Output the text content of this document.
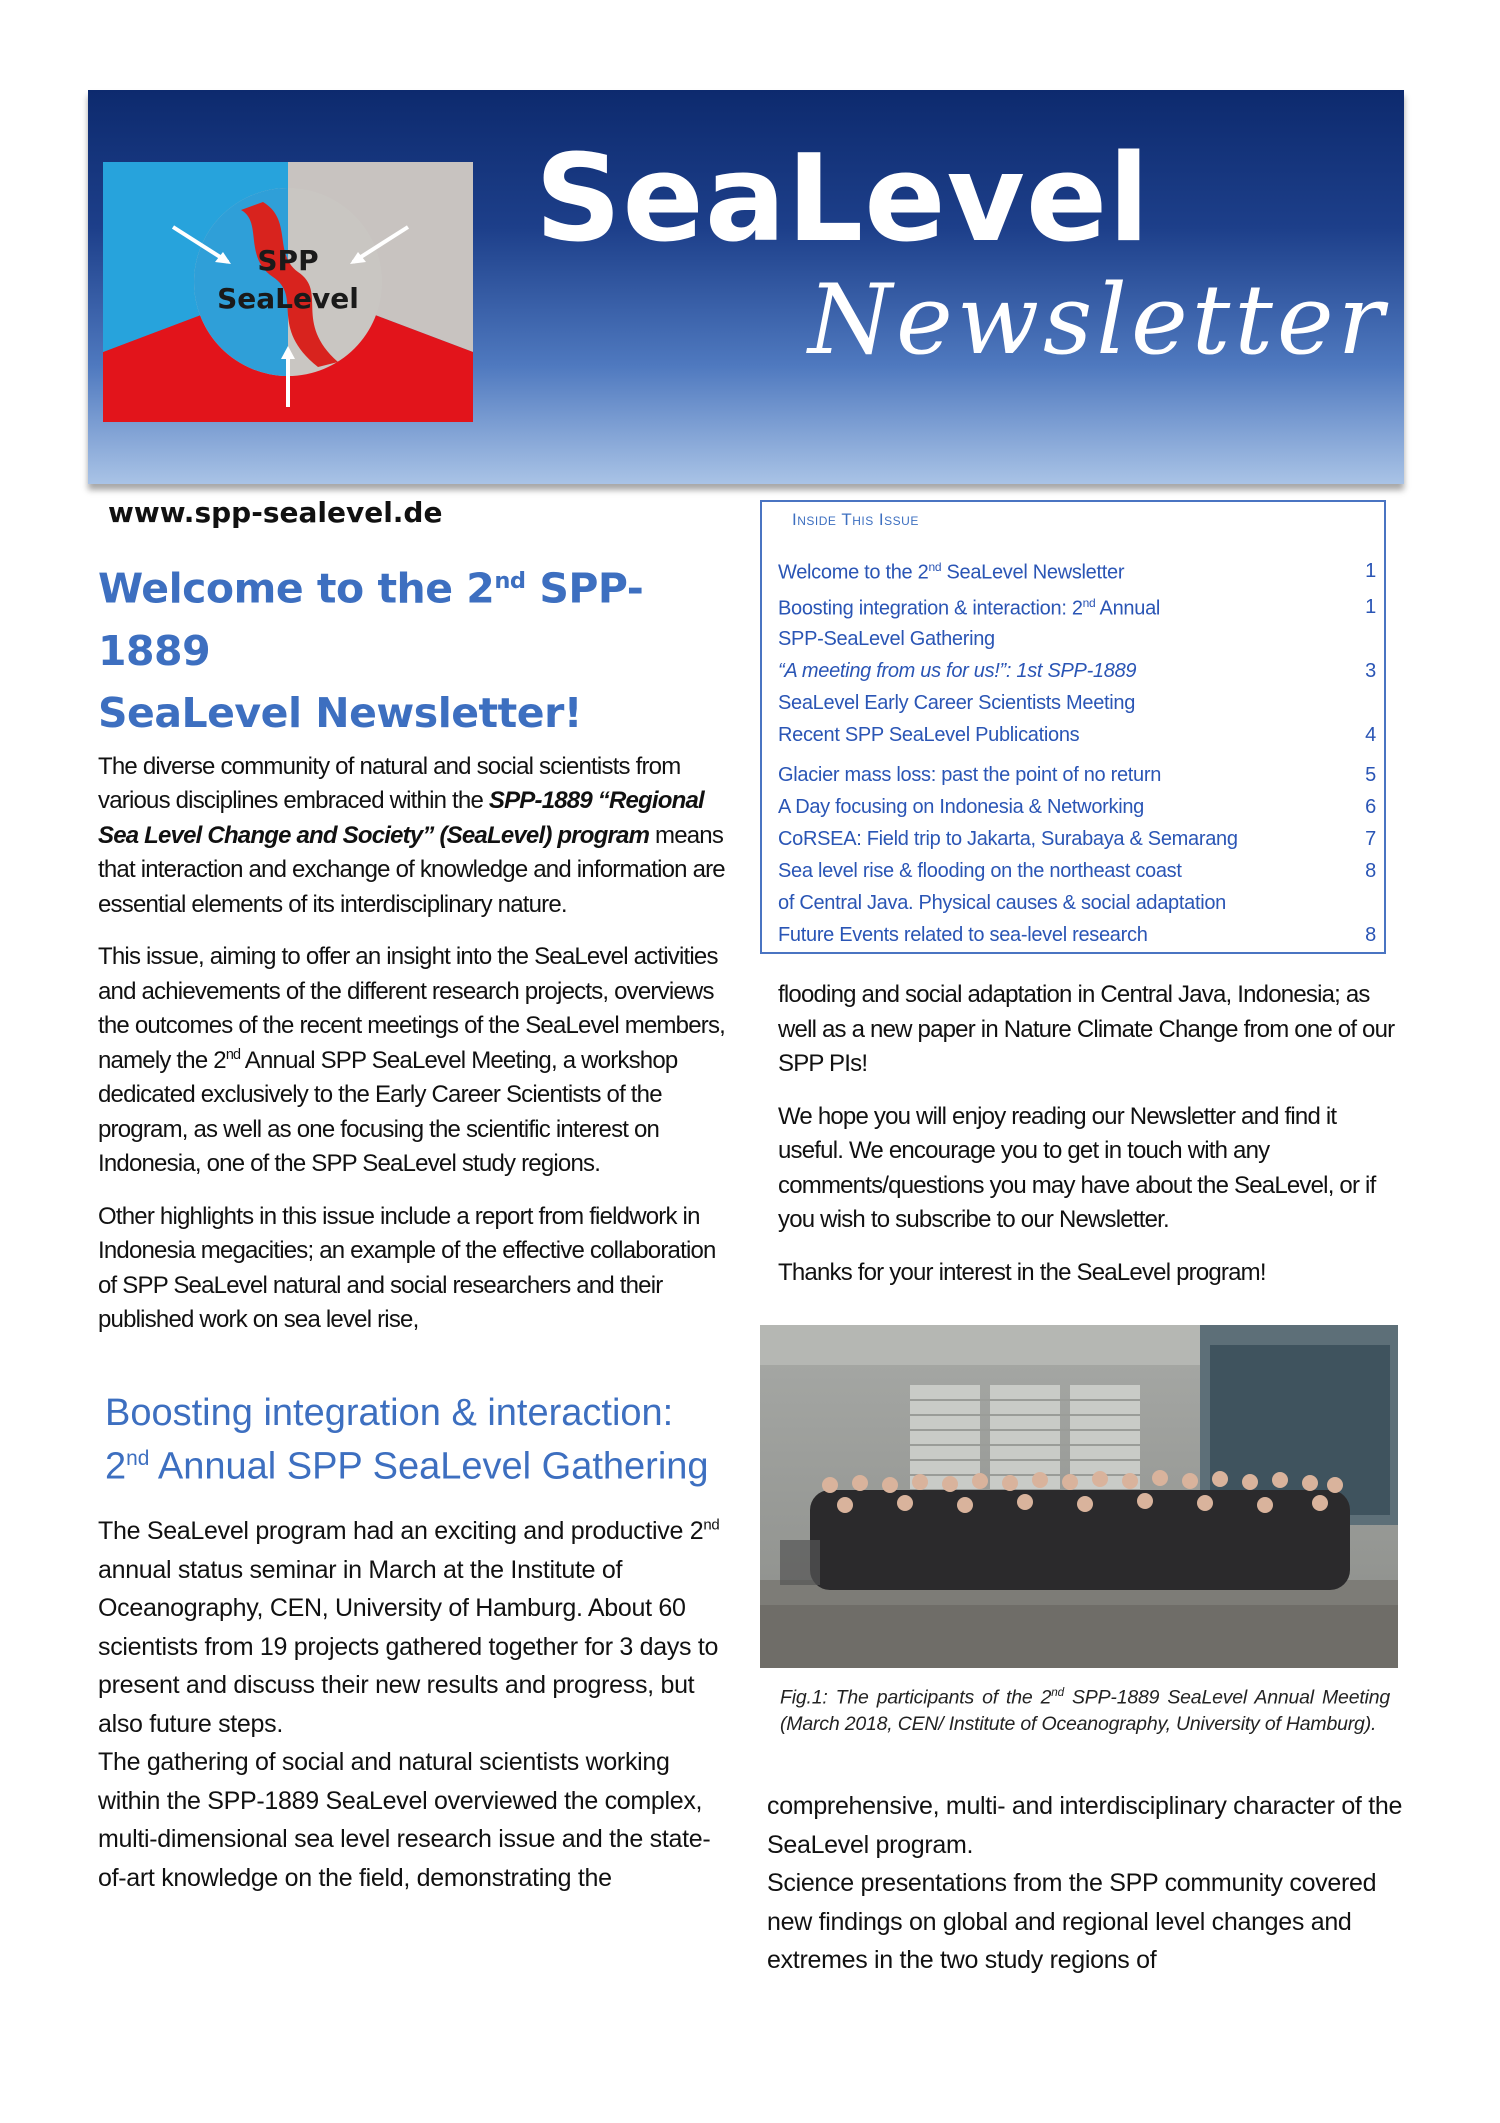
SPP
SeaLevel
SeaLevel
Newsletter
www.spp-sealevel.de
Welcome to the 2nd SPP-1889
SeaLevel Newsletter!

The diverse community of natural and social scientists from various disciplines embraced within the SPP-1889 “Regional Sea Level Change and Society” (SeaLevel) program means that interaction and exchange of knowledge and information are essential elements of its interdisciplinary nature.

This issue, aiming to offer an insight into the SeaLevel activities and achievements of the different research projects, overviews the outcomes of the recent meetings of the SeaLevel members, namely the 2nd Annual SPP SeaLevel Meeting, a workshop dedicated exclusively to the Early Career Scientists of the program, as well as one focusing the scientific interest on Indonesia, one of the SPP SeaLevel study regions.

Other highlights in this issue include a report from fieldwork in Indonesia megacities; an example of the effective collaboration of SPP SeaLevel natural and social researchers and their published work on sea level rise,

Boosting integration & interaction:
2nd Annual SPP SeaLevel Gathering

The SeaLevel program had an exciting and productive 2nd annual status seminar in March at the Institute of Oceanography, CEN, University of Hamburg. About 60 scientists from 19 projects gathered together for 3 days to present and discuss their new results and progress, but also future steps.

The gathering of social and natural scientists working within the SPP-1889 SeaLevel overviewed the complex, multi-dimensional sea level research issue and the state-of-art knowledge on the field, demonstrating the

Inside This Issue
Welcome to the 2nd SeaLevel Newsletter	1
Boosting integration & interaction: 2nd Annual	1
SPP-SeaLevel Gathering
“A meeting from us for us!”: 1st SPP-1889	3
SeaLevel Early Career Scientists Meeting
Recent SPP SeaLevel Publications	4
Glacier mass loss: past the point of no return	5
A Day focusing on Indonesia & Networking	6
CoRSEA: Field trip to Jakarta, Surabaya & Semarang	7
Sea level rise & flooding on the northeast coast	8
of Central Java. Physical causes & social adaptation
Future Events related to sea-level research	8

flooding and social adaptation in Central Java, Indonesia; as well as a new paper in Nature Climate Change from one of our SPP PIs!

We hope you will enjoy reading our Newsletter and find it useful. We encourage you to get in touch with any comments/questions you may have about the SeaLevel, or if you wish to subscribe to our Newsletter.

Thanks for your interest in the SeaLevel program!

Fig.1: The participants of the 2nd SPP-1889 SeaLevel Annual Meeting (March 2018, CEN/ Institute of Oceanography, University of Hamburg).

comprehensive, multi- and interdisciplinary character of the SeaLevel program.

Science presentations from the SPP community covered new findings on global and regional level changes and extremes in the two study regions of
